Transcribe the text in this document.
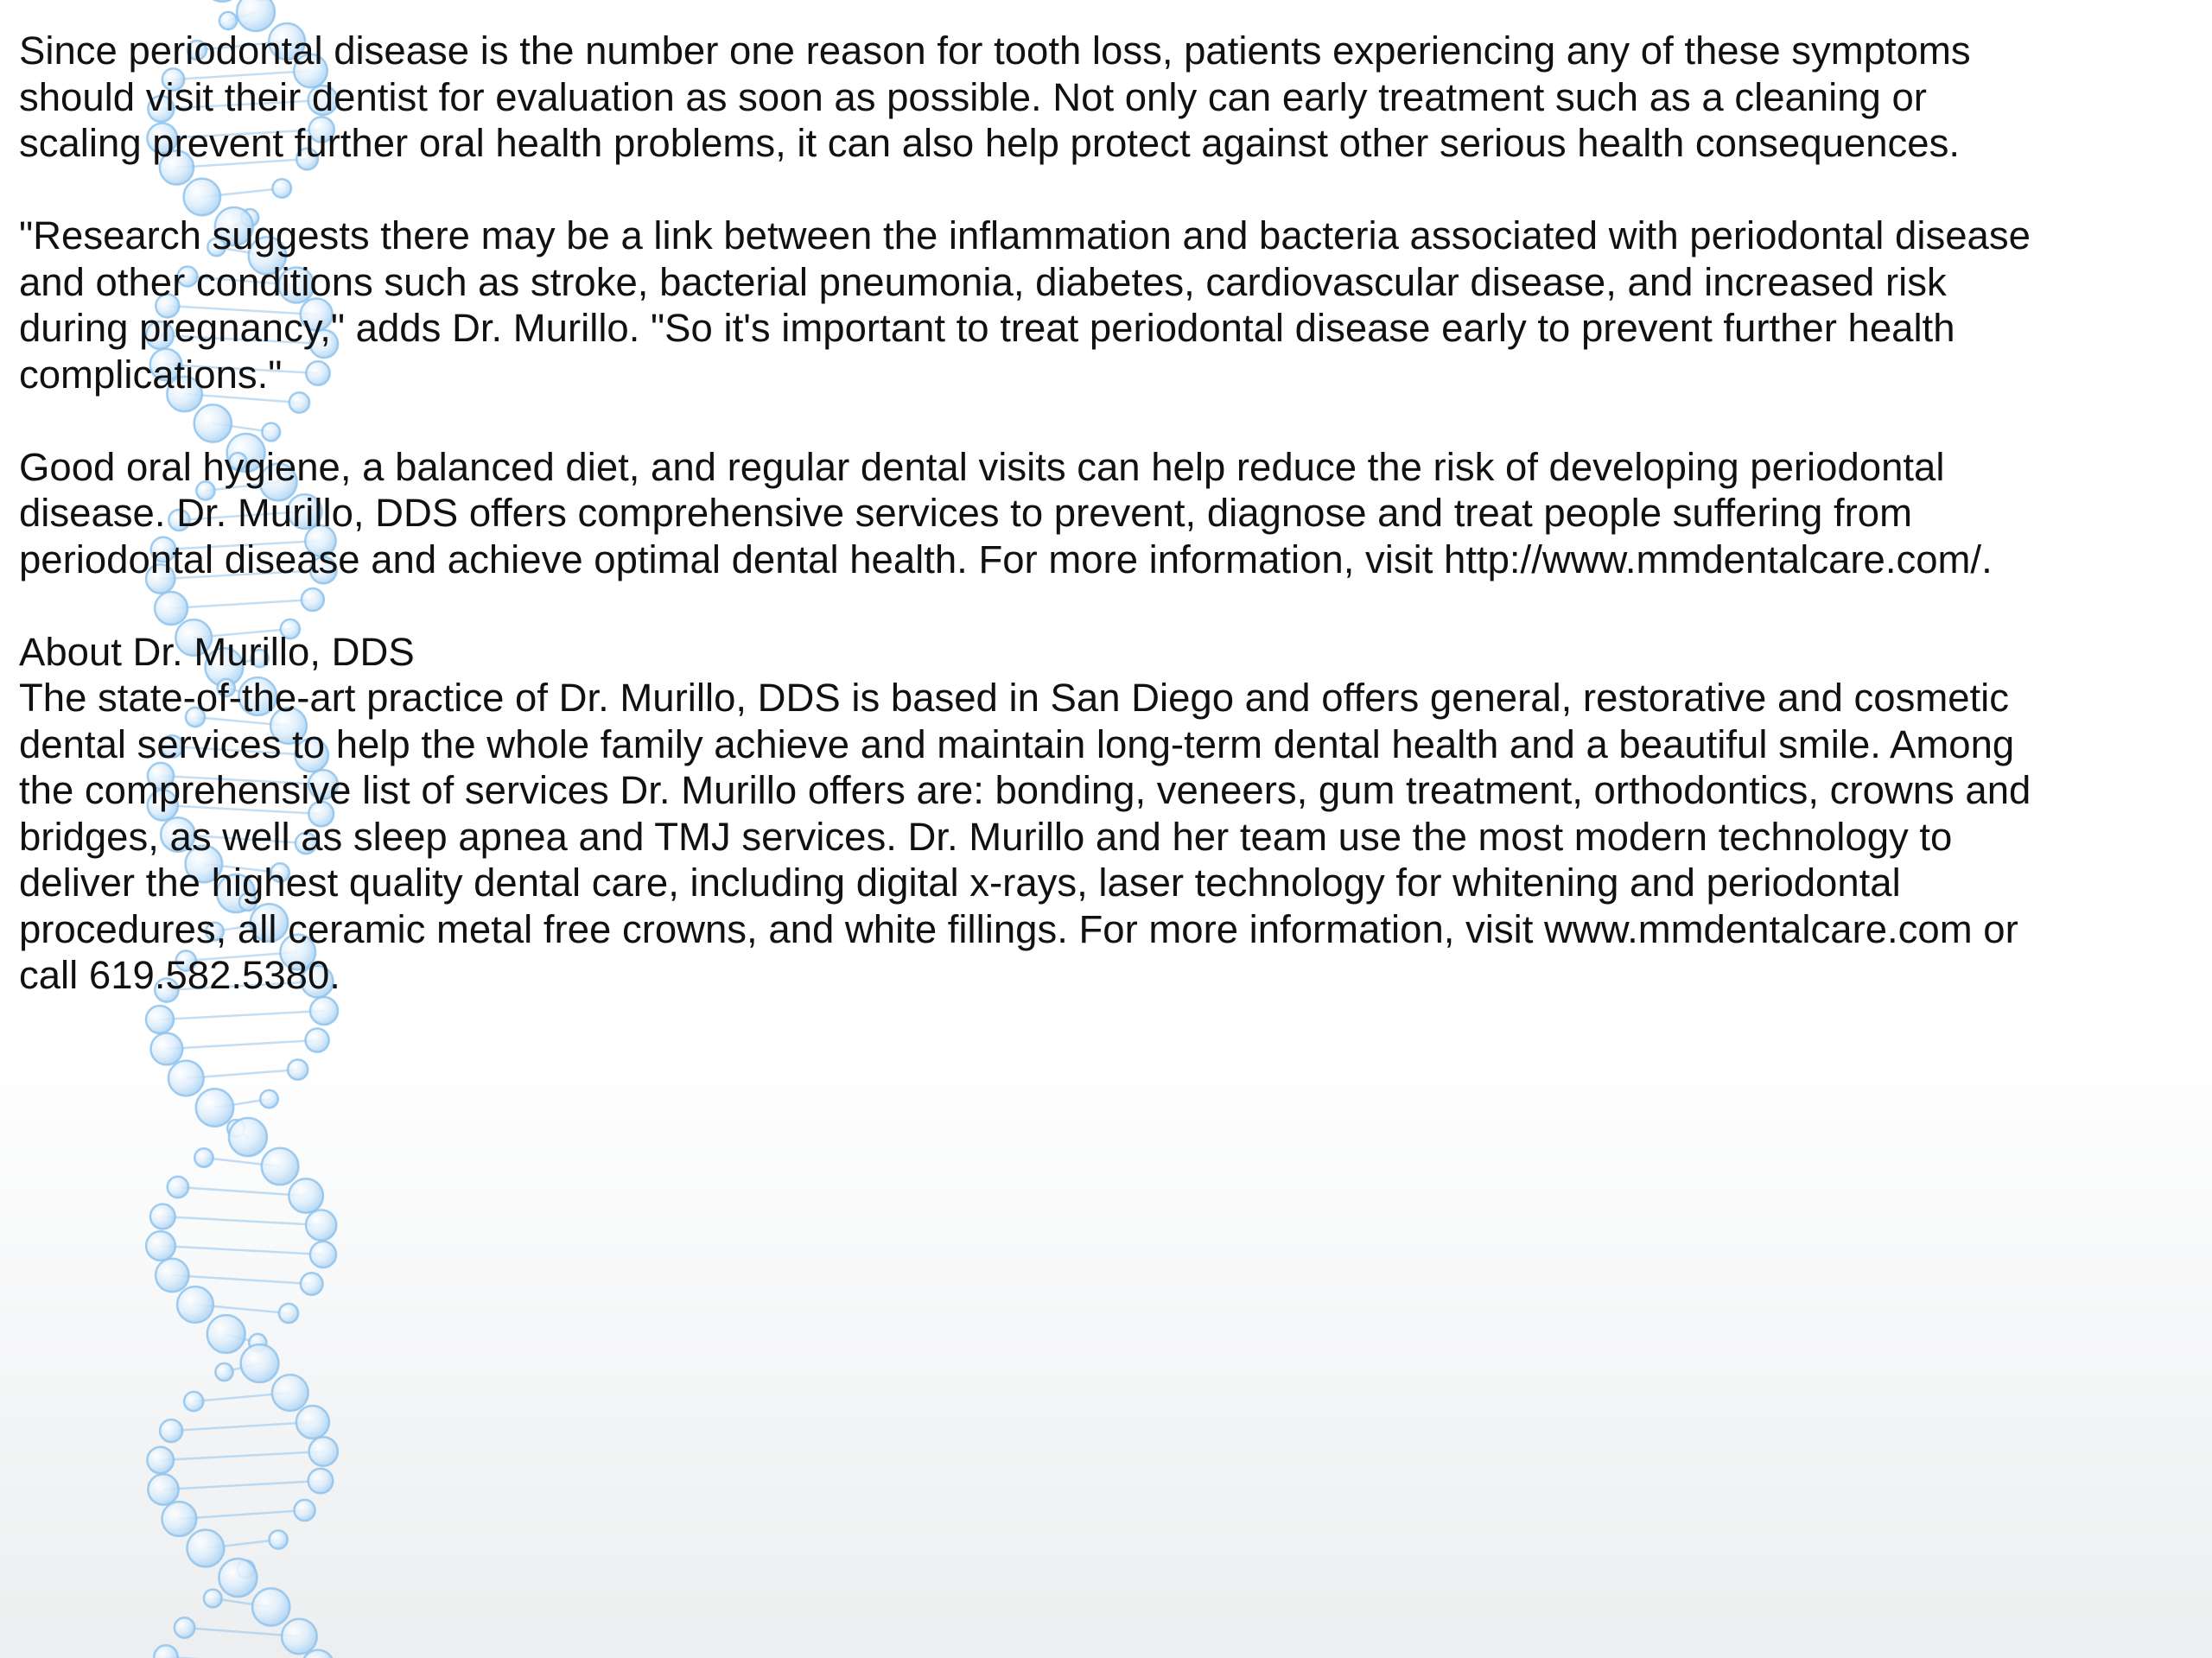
Since periodontal disease is the number one reason for tooth loss, patients experiencing any of these symptoms
should visit their dentist for evaluation as soon as possible. Not only can early treatment such as a cleaning or
scaling prevent further oral health problems, it can also help protect against other serious health consequences.

"Research suggests there may be a link between the inflammation and bacteria associated with periodontal disease
and other conditions such as stroke, bacterial pneumonia, diabetes, cardiovascular disease, and increased risk
during pregnancy," adds Dr. Murillo. "So it's important to treat periodontal disease early to prevent further health
complications."

Good oral hygiene, a balanced diet, and regular dental visits can help reduce the risk of developing periodontal
disease. Dr. Murillo, DDS offers comprehensive services to prevent, diagnose and treat people suffering from
periodontal disease and achieve optimal dental health. For more information, visit http://www.mmdentalcare.com/.

About Dr. Murillo, DDS
The state-of-the-art practice of Dr. Murillo, DDS is based in San Diego and offers general, restorative and cosmetic
dental services to help the whole family achieve and maintain long-term dental health and a beautiful smile. Among
the comprehensive list of services Dr. Murillo offers are: bonding, veneers, gum treatment, orthodontics, crowns and
bridges, as well as sleep apnea and TMJ services. Dr. Murillo and her team use the most modern technology to
deliver the highest quality dental care, including digital x-rays, laser technology for whitening and periodontal
procedures, all ceramic metal free crowns, and white fillings. For more information, visit www.mmdentalcare.com or
call 619.582.5380.
